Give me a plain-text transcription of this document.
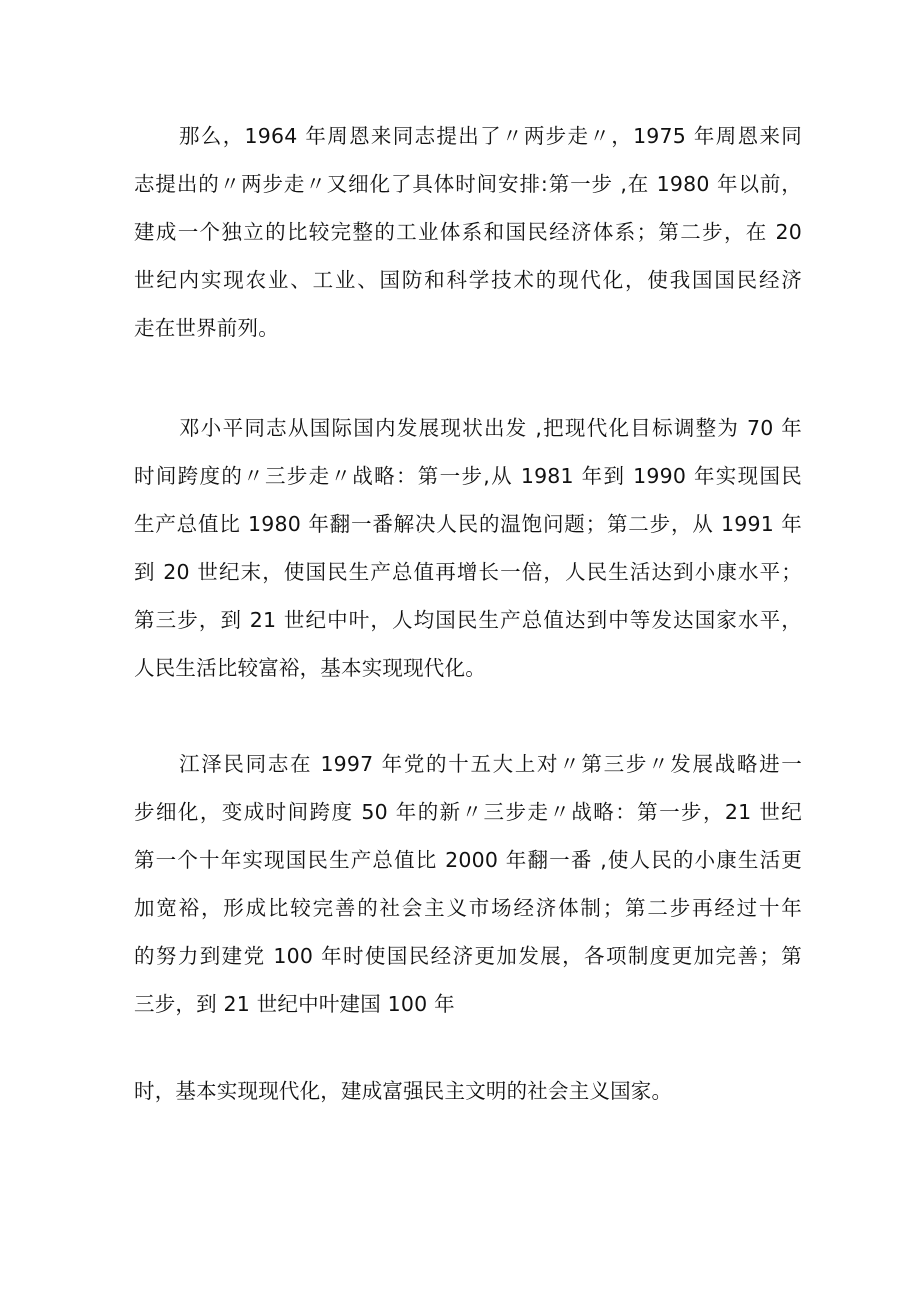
那么，1964 年周恩来同志提出了〃两步走〃，1975 年周恩来同
志提出的〃两步走〃又细化了具体时间安排:第一步 ,在 1980 年以前，
建成一个独立的比较完整的工业体系和国民经济体系；第二步，在 20
世纪内实现农业、工业、国防和科学技术的现代化，使我国国民经济
走在世界前列。

邓小平同志从国际国内发展现状出发 ,把现代化目标调整为 70 年
时间跨度的〃三步走〃战略：第一步,从 1981 年到 1990 年实现国民
生产总值比 1980 年翻一番解决人民的温饱问题；第二步，从 1991 年
到 20 世纪末，使国民生产总值再增长一倍，人民生活达到小康水平；
第三步，到 21 世纪中叶，人均国民生产总值达到中等发达国家水平，
人民生活比较富裕，基本实现现代化。

江泽民同志在 1997 年党的十五大上对〃第三步〃发展战略进一
步细化，变成时间跨度 50 年的新〃三步走〃战略：第一步，21 世纪
第一个十年实现国民生产总值比 2000 年翻一番 ,使人民的小康生活更
加宽裕，形成比较完善的社会主义市场经济体制；第二步再经过十年
的努力到建党 100 年时使国民经济更加发展，各项制度更加完善；第
三步，到 21 世纪中叶建国 100 年

时，基本实现现代化，建成富强民主文明的社会主义国家。
